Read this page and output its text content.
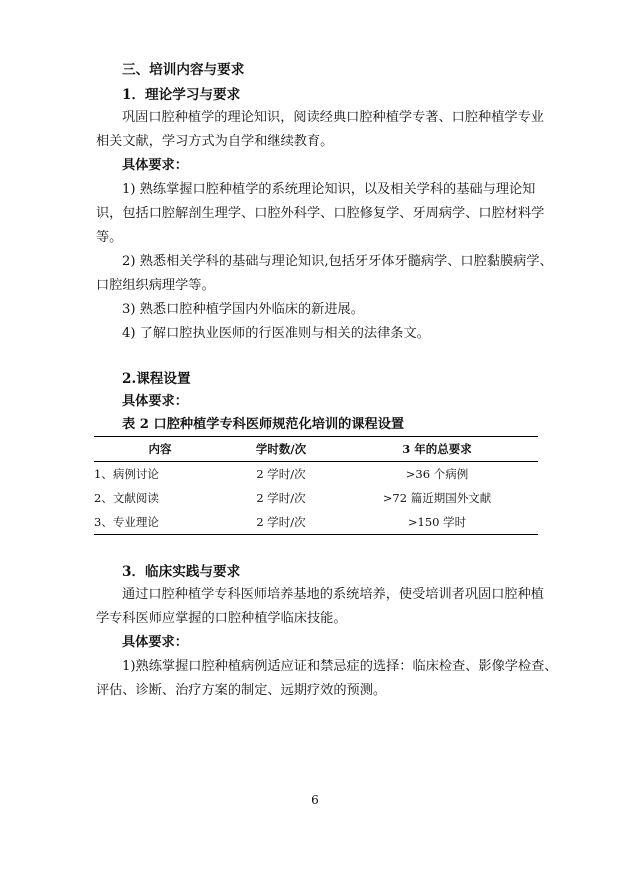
三、培训内容与要求
1．理论学习与要求
巩固口腔种植学的理论知识，阅读经典口腔种植学专著、口腔种植学专业
相关文献，学习方式为自学和继续教育。
具体要求：
1) 熟练掌握口腔种植学的系统理论知识，以及相关学科的基础与理论知
识，包括口腔解剖生理学、口腔外科学、口腔修复学、牙周病学、口腔材料学
等。
2) 熟悉相关学科的基础与理论知识,包括牙牙体牙髓病学、口腔黏膜病学、
口腔组织病理学等。
3) 熟悉口腔种植学国内外临床的新进展。
4) 了解口腔执业医师的行医准则与相关的法律条文。
2.课程设置
具体要求：
表 2 口腔种植学专科医师规范化培训的课程设置
内容	学时数/次	3 年的总要求
1、病例讨论	2 学时/次	>36 个病例
2、文献阅读	2 学时/次	>72 篇近期国外文献
3、专业理论	2 学时/次	>150 学时
3．临床实践与要求
通过口腔种植学专科医师培养基地的系统培养，使受培训者巩固口腔种植
学专科医师应掌握的口腔种植学临床技能。
具体要求：
1)熟练掌握口腔种植病例适应证和禁忌症的选择：临床检查、影像学检查、
评估、诊断、治疗方案的制定、远期疗效的预测。
6
